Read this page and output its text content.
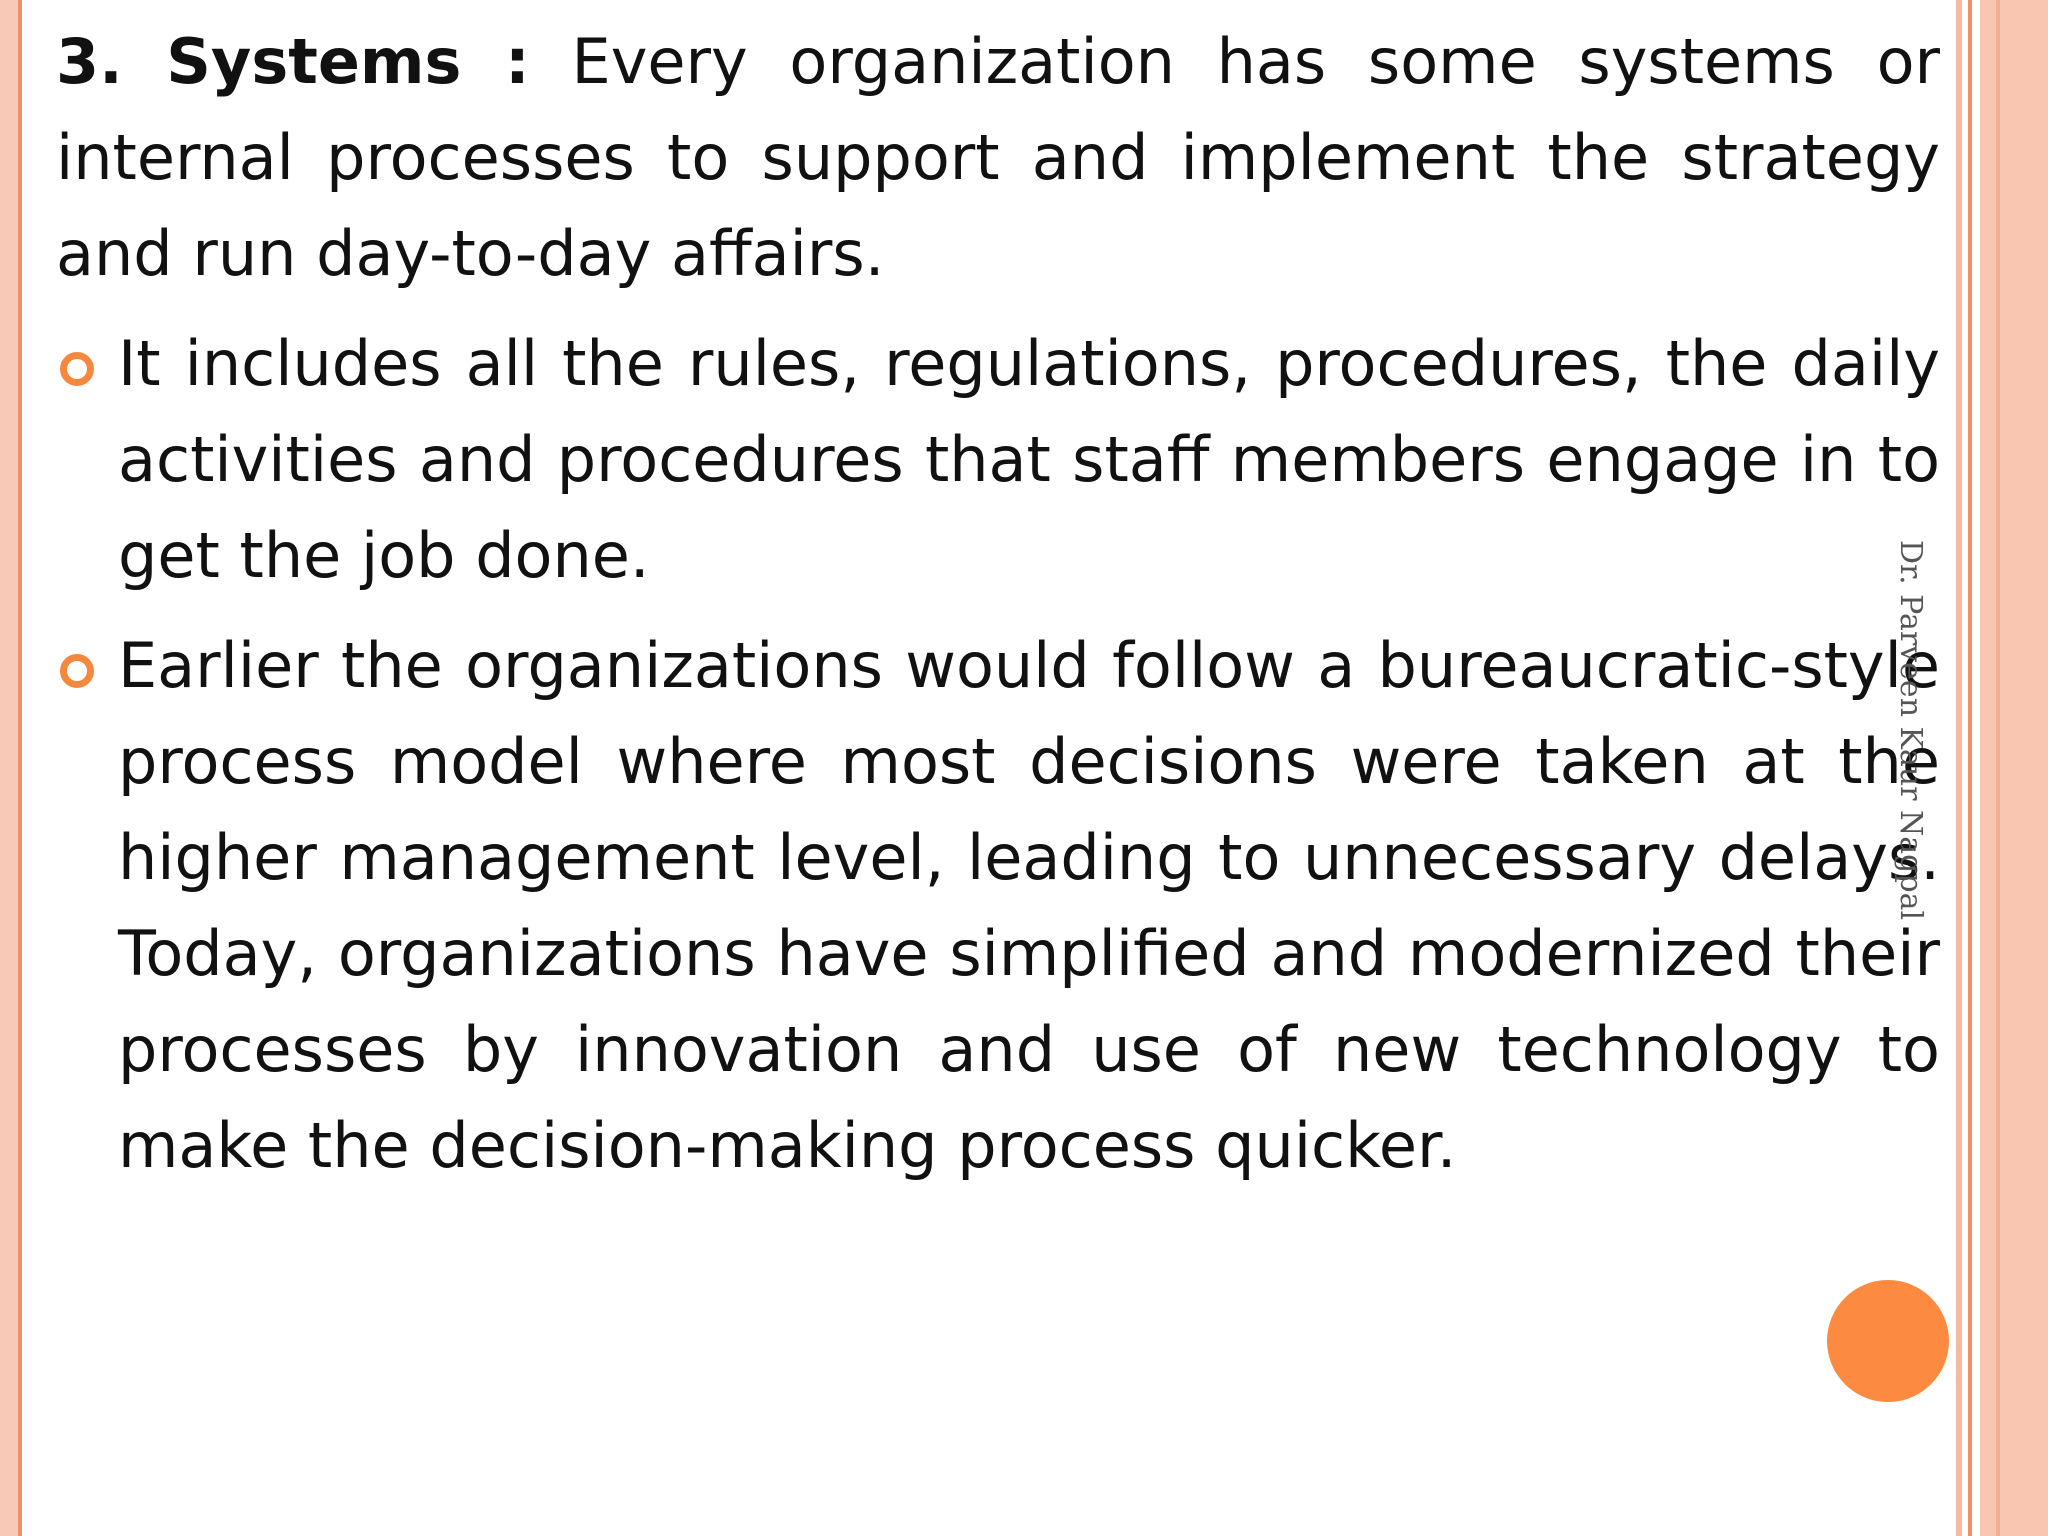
3. Systems : Every organization has some systems or internal processes to support and implement the strategy and run day-to-day affairs.

It includes all the rules, regulations, procedures, the daily activities and procedures that staff members engage in to get the job done.
Earlier the organizations would follow a bureaucratic-style process model where most decisions were taken at the higher management level, leading to unnecessary delays. Today, organizations have simplified and modernized their processes by innovation and use of new technology to make the decision-making process quicker.
Dr. Parveen Kaur Nagpal
